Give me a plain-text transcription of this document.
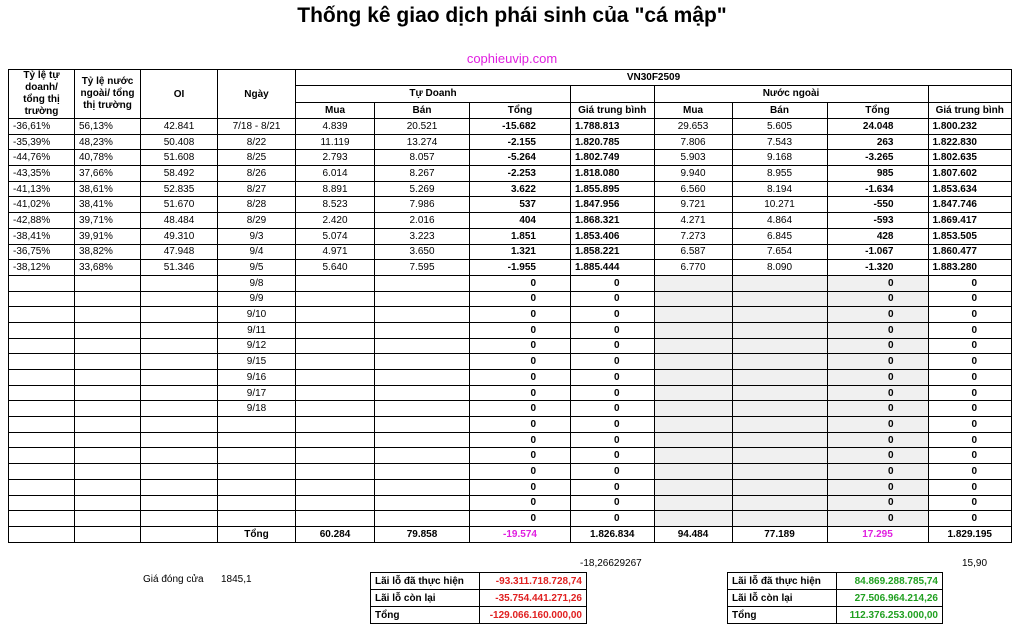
Thống kê giao dịch phái sinh của "cá mập"
cophieuvip.com
Tỷ lệ tự doanh/ tổng thị trường	Tỷ lệ nước ngoài/ tổng thị trường	OI	Ngày	VN30F2509							
				Tự Doanh				Nước ngoài			
				Mua	Bán	Tổng	Giá trung bình	Mua	Bán	Tổng	Giá trung bình
-36,61%	56,13%	42.841	7/18 - 8/21	4.839	20.521	-15.682	1.788.813	29.653	5.605	24.048	1.800.232
-35,39%	48,23%	50.408	8/22	11.119	13.274	-2.155	1.820.785	7.806	7.543	263	1.822.830
-44,76%	40,78%	51.608	8/25	2.793	8.057	-5.264	1.802.749	5.903	9.168	-3.265	1.802.635
-43,35%	37,66%	58.492	8/26	6.014	8.267	-2.253	1.818.080	9.940	8.955	985	1.807.602
-41,13%	38,61%	52.835	8/27	8.891	5.269	3.622	1.855.895	6.560	8.194	-1.634	1.853.634
-41,02%	38,41%	51.670	8/28	8.523	7.986	537	1.847.956	9.721	10.271	-550	1.847.746
-42,88%	39,71%	48.484	8/29	2.420	2.016	404	1.868.321	4.271	4.864	-593	1.869.417
-38,41%	39,91%	49.310	9/3	5.074	3.223	1.851	1.853.406	7.273	6.845	428	1.853.505
-36,75%	38,82%	47.948	9/4	4.971	3.650	1.321	1.858.221	6.587	7.654	-1.067	1.860.477
-38,12%	33,68%	51.346	9/5	5.640	7.595	-1.955	1.885.444	6.770	8.090	-1.320	1.883.280
			9/8			0	0			0	0
			9/9			0	0			0	0
			9/10			0	0			0	0
			9/11			0	0			0	0
			9/12			0	0			0	0
			9/15			0	0			0	0
			9/16			0	0			0	0
			9/17			0	0			0	0
			9/18			0	0			0	0
						0	0			0	0
						0	0			0	0
						0	0			0	0
						0	0			0	0
						0	0			0	0
						0	0			0	0
						0	0			0	0
			Tổng	60.284	79.858	-19.574	1.826.834	94.484	77.189	17.295	1.829.195
-18,26629267	15,90
Giá đóng cửa 1845,1	Lãi lỗ đã thực hiện	-93.311.718.728,74
Lãi lỗ còn lại	-35.754.441.271,26
Tổng	-129.066.160.000,00
Lãi lỗ đã thực hiện	84.869.288.785,74
Lãi lỗ còn lại	27.506.964.214,26
Tổng	112.376.253.000,00
